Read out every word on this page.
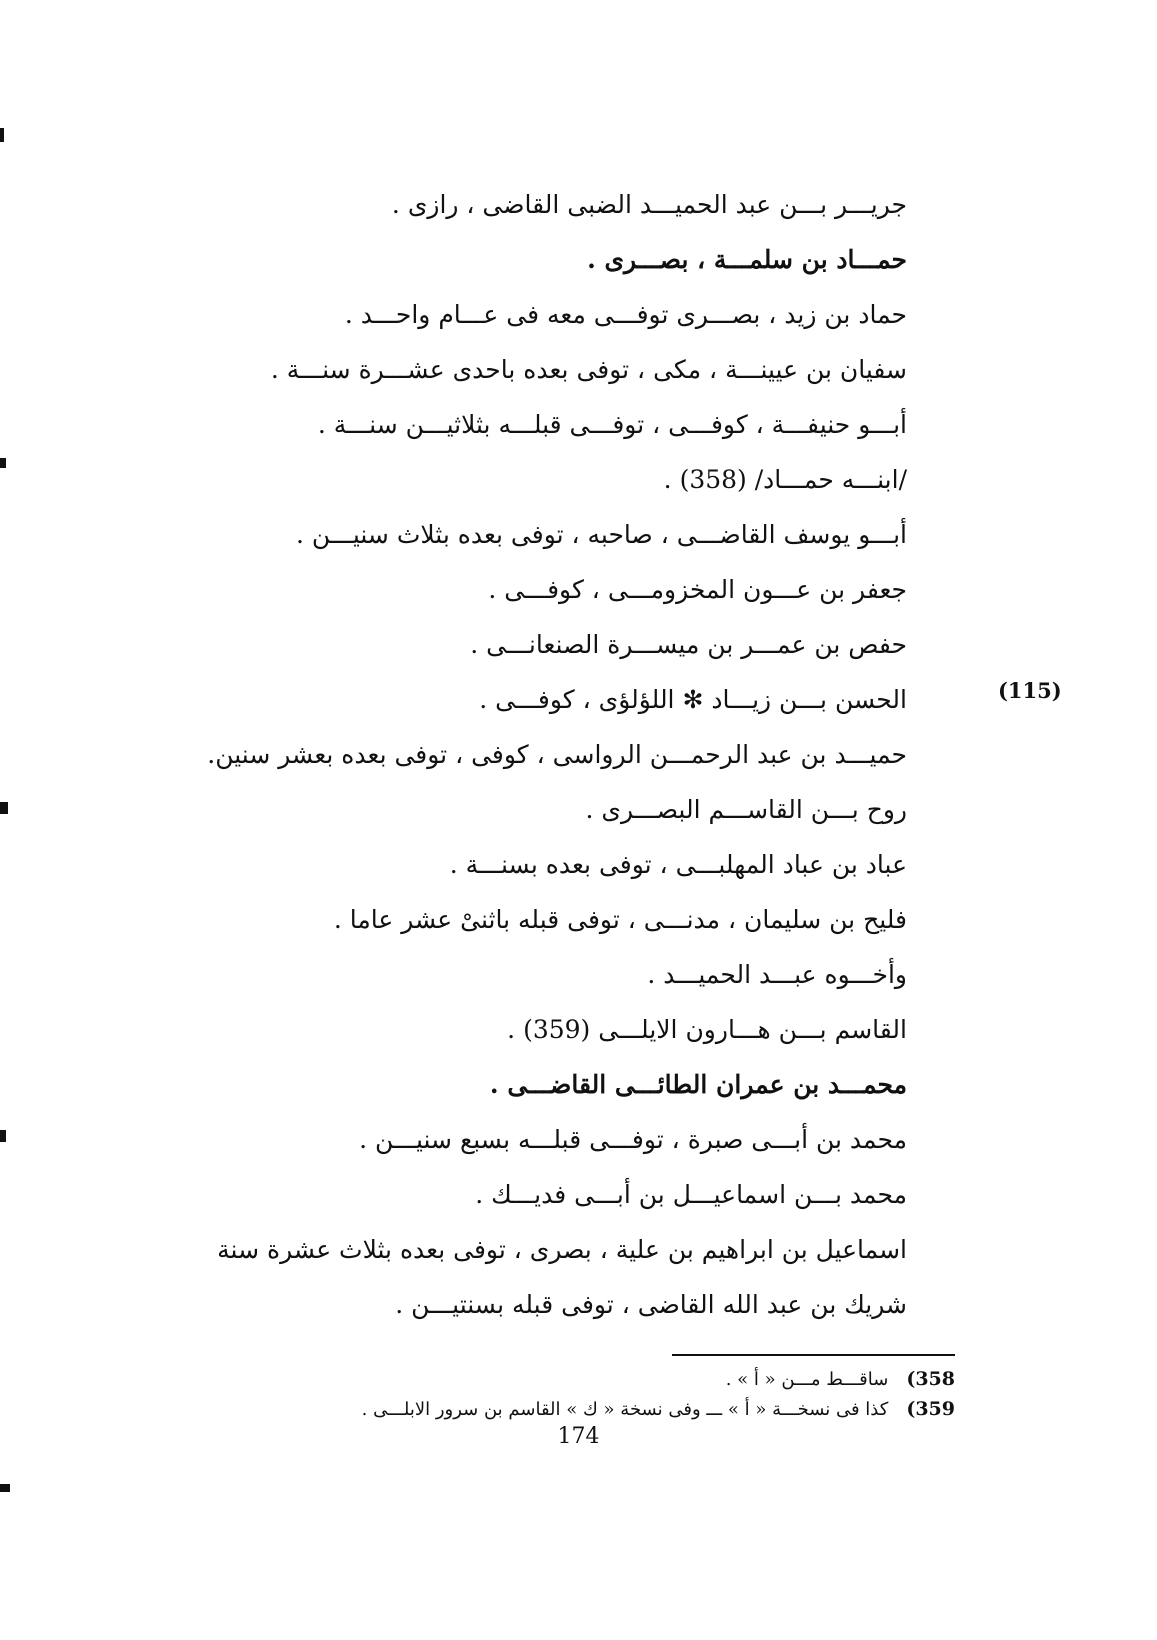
(115)
جريـــر بـــن عبد الحميـــد الضبى القاضى ، رازى .
حمـــاد بن سلمـــة ، بصـــرى .
حماد بن زيد ، بصـــرى توفـــى معه فى عـــام واحـــد .
سفيان بن عيينـــة ، مكى ، توفى بعده باحدى عشـــرة سنـــة .
أبـــو حنيفـــة ، كوفـــى ، توفـــى قبلـــه بثلاثيـــن سنـــة .
/ابنـــه حمـــاد/ (358) .
أبـــو يوسف القاضـــى ، صاحبه ، توفى بعده بثلاث سنيـــن .
جعفر بن عـــون المخزومـــى ، كوفـــى .
حفص بن عمـــر بن ميســـرة الصنعانـــى .
الحسن بـــن زيـــاد ✻ اللؤلؤى ، كوفـــى .
حميـــد بن عبد الرحمـــن الرواسى ، كوفى ، توفى بعده بعشر سنين.
روح بـــن القاســـم البصـــرى .
عباد بن عباد المهلبـــى ، توفى بعده بسنـــة .
فليح بن سليمان ، مدنـــى ، توفى قبله باثنىْ عشر عاما .
وأخـــوه عبـــد الحميـــد .
القاسم بـــن هـــارون الايلـــى (359) .
محمـــد بن عمران الطائـــى القاضـــى .
محمد بن أبـــى صبرة ، توفـــى قبلـــه بسبع سنيـــن .
محمد بـــن اسماعيـــل بن أبـــى فديـــك .
اسماعيل بن ابراهيم بن علية ، بصرى ، توفى بعده بثلاث عشرة سنة
شريك بن عبد الله القاضى ، توفى قبله بسنتيـــن .
358)ساقـــط مـــن « أ » .
359)كذا فى نسخـــة « أ » ـــ وفى نسخة « ك » القاسم بن سرور الابلـــى .
174
